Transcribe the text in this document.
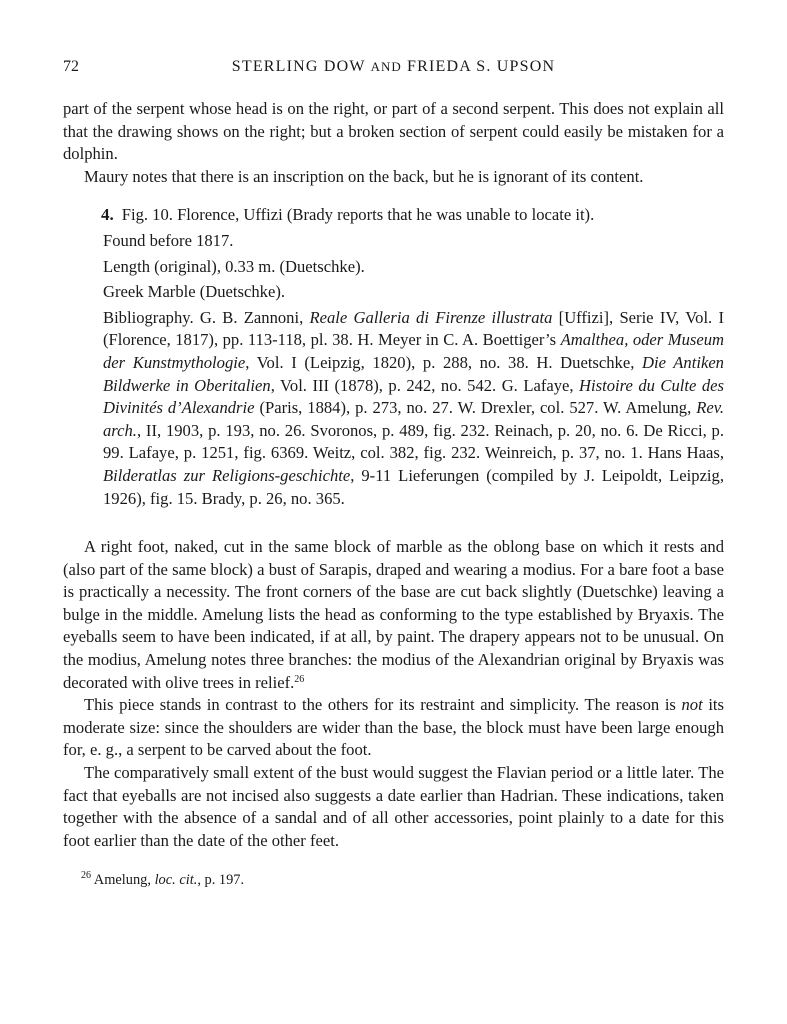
72	STERLING DOW AND FRIEDA S. UPSON

part of the serpent whose head is on the right, or part of a second serpent. This does not explain all that the drawing shows on the right; but a broken section of serpent could easily be mistaken for a dolphin.

Maury notes that there is an inscription on the back, but he is ignorant of its content.

4. Fig. 10. Florence, Uffizi (Brady reports that he was unable to locate it).

Found before 1817.

Length (original), 0.33 m. (Duetschke).

Greek Marble (Duetschke).

Bibliography. G. B. Zannoni, Reale Galleria di Firenze illustrata [Uffizi], Serie IV, Vol. I (Florence, 1817), pp. 113-118, pl. 38. H. Meyer in C. A. Boettiger’s Amalthea, oder Museum der Kunstmythologie, Vol. I (Leipzig, 1820), p. 288, no. 38. H. Duetschke, Die Antiken Bildwerke in Oberitalien, Vol. III (1878), p. 242, no. 542. G. Lafaye, Histoire du Culte des Divinités d’Alexandrie (Paris, 1884), p. 273, no. 27. W. Drexler, col. 527. W. Amelung, Rev. arch., II, 1903, p. 193, no. 26. Svoronos, p. 489, fig. 232. Reinach, p. 20, no. 6. De Ricci, p. 99. Lafaye, p. 1251, fig. 6369. Weitz, col. 382, fig. 232. Weinreich, p. 37, no. 1. Hans Haas, Bilderatlas zur Religions-geschichte, 9-11 Lieferungen (compiled by J. Leipoldt, Leipzig, 1926), fig. 15. Brady, p. 26, no. 365.

A right foot, naked, cut in the same block of marble as the oblong base on which it rests and (also part of the same block) a bust of Sarapis, draped and wearing a modius. For a bare foot a base is practically a necessity. The front corners of the base are cut back slightly (Duetschke) leaving a bulge in the middle. Amelung lists the head as conforming to the type established by Bryaxis. The eyeballs seem to have been indicated, if at all, by paint. The drapery appears not to be unusual. On the modius, Amelung notes three branches: the modius of the Alexandrian original by Bryaxis was decorated with olive trees in relief.$^{26}$

This piece stands in contrast to the others for its restraint and simplicity. The reason is not its moderate size: since the shoulders are wider than the base, the block must have been large enough for, e. g., a serpent to be carved about the foot.

The comparatively small extent of the bust would suggest the Flavian period or a little later. The fact that eyeballs are not incised also suggests a date earlier than Hadrian. These indications, taken together with the absence of a sandal and of all other accessories, point plainly to a date for this foot earlier than the date of the other feet.

$^{26}$ Amelung, loc. cit., p. 197.
